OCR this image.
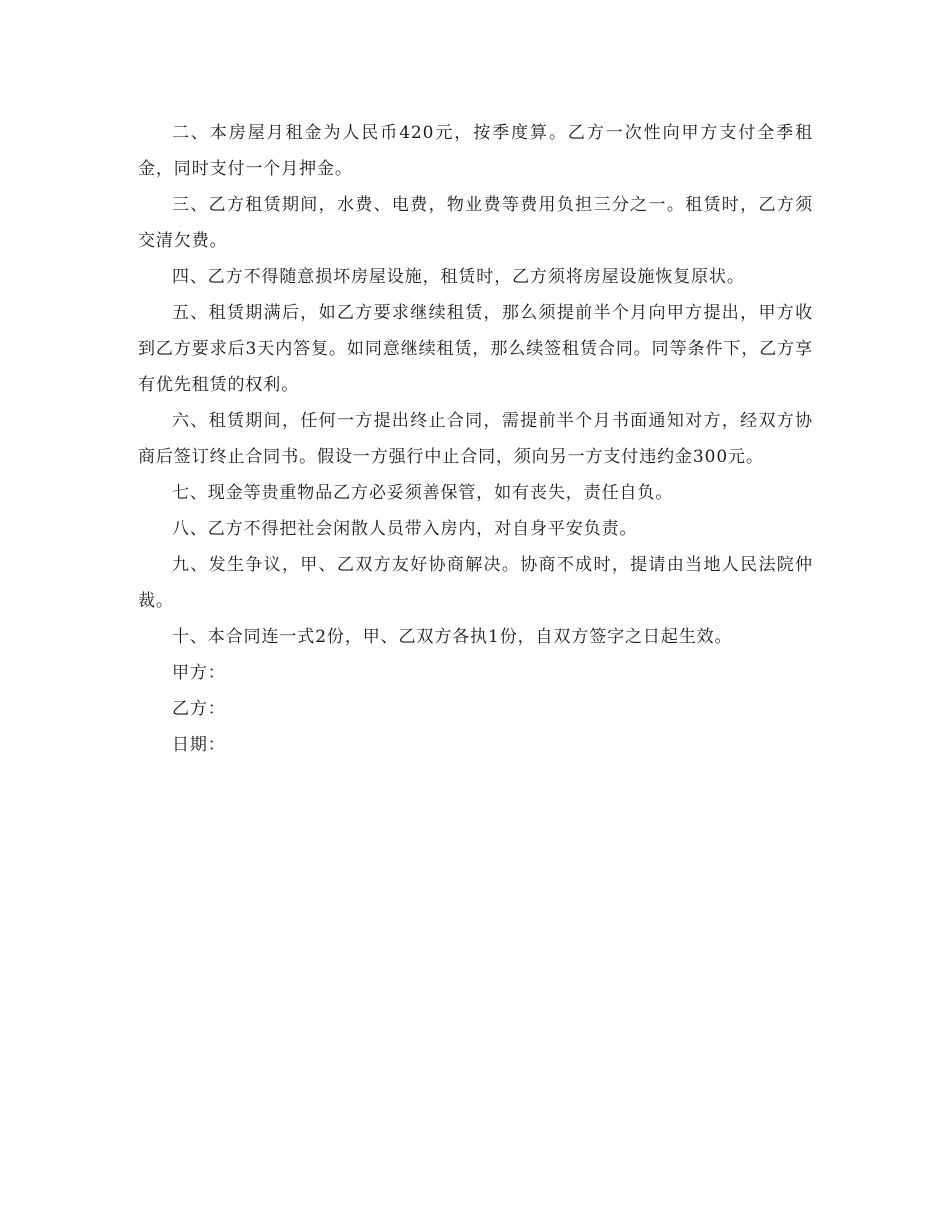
二、本房屋月租金为人民币420元，按季度算。乙方一次性向甲方支付全季租金，同时支付一个月押金。

三、乙方租赁期间，水费、电费，物业费等费用负担三分之一。租赁时，乙方须交清欠费。

四、乙方不得随意损坏房屋设施，租赁时，乙方须将房屋设施恢复原状。

五、租赁期满后，如乙方要求继续租赁，那么须提前半个月向甲方提出，甲方收到乙方要求后3天内答复。如同意继续租赁，那么续签租赁合同。同等条件下，乙方享有优先租赁的权利。

六、租赁期间，任何一方提出终止合同，需提前半个月书面通知对方，经双方协商后签订终止合同书。假设一方强行中止合同，须向另一方支付违约金300元。

七、现金等贵重物品乙方必妥须善保管，如有丧失，责任自负。

八、乙方不得把社会闲散人员带入房内，对自身平安负责。

九、发生争议，甲、乙双方友好协商解决。协商不成时，提请由当地人民法院仲裁。

十、本合同连一式2份，甲、乙双方各执1份，自双方签字之日起生效。

甲方：

乙方：

日期：
